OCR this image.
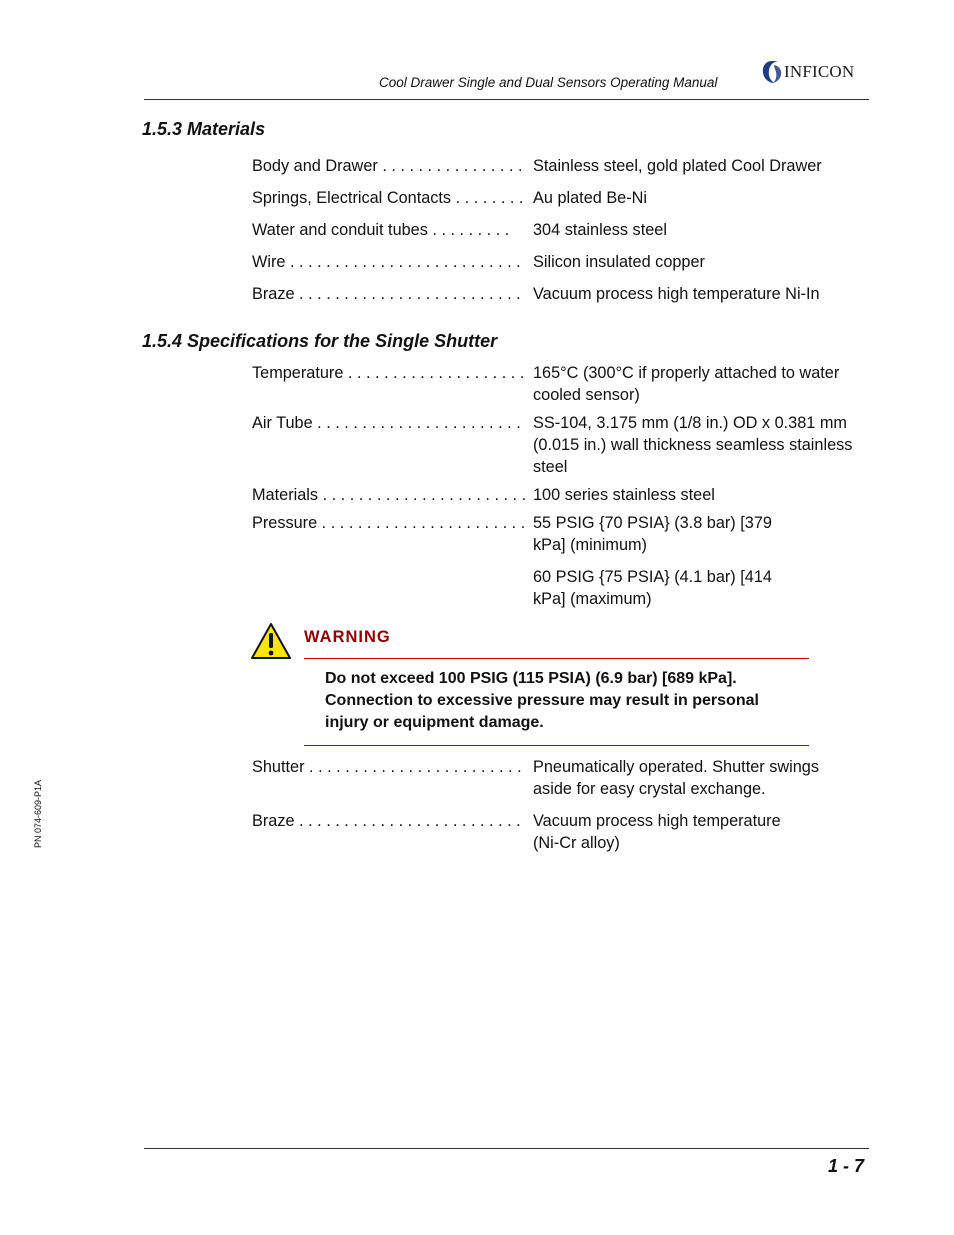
Cool Drawer Single and Dual Sensors Operating Manual
INFICON
1.5.3 Materials
Body and Drawer . . . . . . . . . . . . . . . . Stainless steel, gold plated Cool Drawer
Springs, Electrical Contacts . . . . . . . . Au plated Be-Ni
Water and conduit tubes . . . . . . . . .	304 stainless steel
Wire . . . . . . . . . . . . . . . . . . . . . . . . . . Silicon insulated copper
Braze . . . . . . . . . . . . . . . . . . . . . . . . . Vacuum process high temperature Ni-In
1.5.4 Specifications for the Single Shutter
Temperature . . . . . . . . . . . . . . . . . . . . 165°C (300°C if properly attached to water cooled sensor)
Air Tube . . . . . . . . . . . . . . . . . . . . . . . SS-104, 3.175 mm (1/8 in.) OD x 0.381 mm (0.015 in.) wall thickness seamless stainless steel
Materials . . . . . . . . . . . . . . . . . . . . . . . 100 series stainless steel
Pressure . . . . . . . . . . . . . . . . . . . . . . . 55 PSIG {70 PSIA} (3.8 bar) [379 kPa] (minimum)
60 PSIG {75 PSIA} (4.1 bar) [414 kPa] (maximum)
WARNING
Do not exceed 100 PSIG (115 PSIA) (6.9 bar) [689 kPa]. Connection to excessive pressure may result in personal injury or equipment damage.
Shutter . . . . . . . . . . . . . . . . . . . . . . . . Pneumatically operated. Shutter swings aside for easy crystal exchange.
Braze . . . . . . . . . . . . . . . . . . . . . . . . . Vacuum process high temperature (Ni-Cr alloy)
PN 074-609-P1A
1 - 7
